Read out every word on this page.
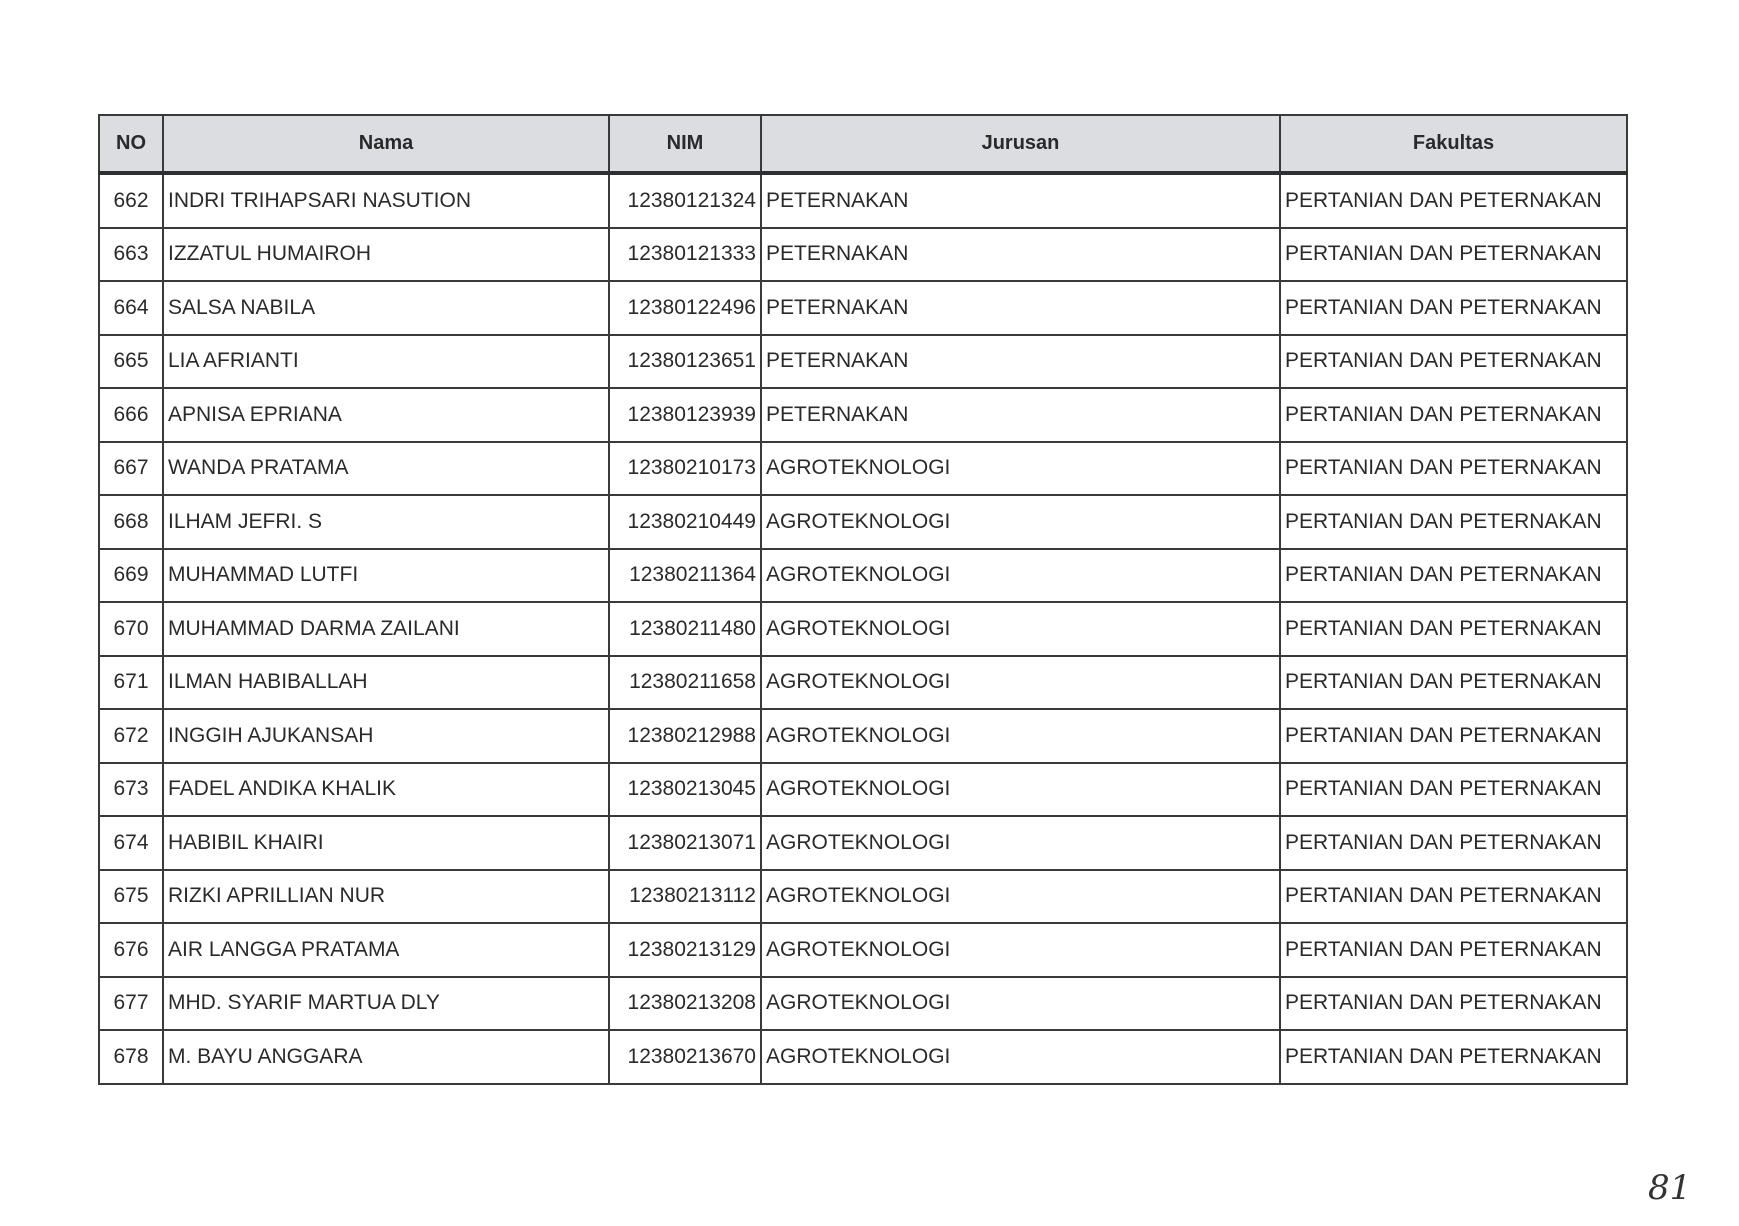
NO	Nama	NIM	Jurusan	Fakultas
662	INDRI TRIHAPSARI NASUTION	12380121324	PETERNAKAN	PERTANIAN DAN PETERNAKAN
663	IZZATUL HUMAIROH	12380121333	PETERNAKAN	PERTANIAN DAN PETERNAKAN
664	SALSA NABILA	12380122496	PETERNAKAN	PERTANIAN DAN PETERNAKAN
665	LIA AFRIANTI	12380123651	PETERNAKAN	PERTANIAN DAN PETERNAKAN
666	APNISA EPRIANA	12380123939	PETERNAKAN	PERTANIAN DAN PETERNAKAN
667	WANDA PRATAMA	12380210173	AGROTEKNOLOGI	PERTANIAN DAN PETERNAKAN
668	ILHAM JEFRI. S	12380210449	AGROTEKNOLOGI	PERTANIAN DAN PETERNAKAN
669	MUHAMMAD LUTFI	12380211364	AGROTEKNOLOGI	PERTANIAN DAN PETERNAKAN
670	MUHAMMAD DARMA ZAILANI	12380211480	AGROTEKNOLOGI	PERTANIAN DAN PETERNAKAN
671	ILMAN HABIBALLAH	12380211658	AGROTEKNOLOGI	PERTANIAN DAN PETERNAKAN
672	INGGIH AJUKANSAH	12380212988	AGROTEKNOLOGI	PERTANIAN DAN PETERNAKAN
673	FADEL ANDIKA KHALIK	12380213045	AGROTEKNOLOGI	PERTANIAN DAN PETERNAKAN
674	HABIBIL KHAIRI	12380213071	AGROTEKNOLOGI	PERTANIAN DAN PETERNAKAN
675	RIZKI APRILLIAN NUR	12380213112	AGROTEKNOLOGI	PERTANIAN DAN PETERNAKAN
676	AIR LANGGA PRATAMA	12380213129	AGROTEKNOLOGI	PERTANIAN DAN PETERNAKAN
677	MHD. SYARIF MARTUA DLY	12380213208	AGROTEKNOLOGI	PERTANIAN DAN PETERNAKAN
678	M. BAYU ANGGARA	12380213670	AGROTEKNOLOGI	PERTANIAN DAN PETERNAKAN
81
